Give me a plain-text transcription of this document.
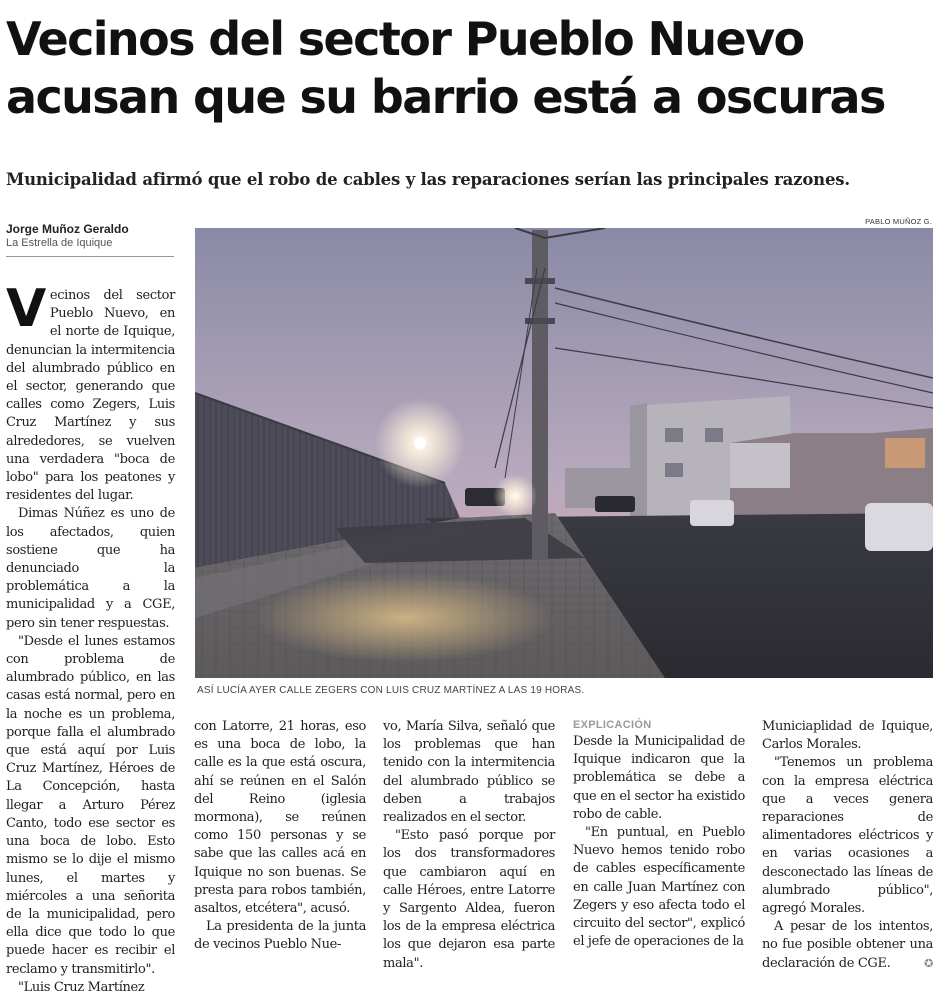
Vecinos del sector Pueblo Nuevo
acusan que su barrio está a oscuras

Municipalidad afirmó que el robo de cables y las reparaciones serían las principales razones.

Jorge Muñoz Geraldo
La Estrella de Iquique
PABLO MUÑOZ G.
ASÍ LUCÍA AYER CALLE ZEGERS CON LUIS CRUZ MARTÍNEZ A LAS 19 HORAS.

Vecinos del sector Pueblo Nuevo, en el norte de Iquique, denuncian la intermitencia del alumbrado público en el sector, generando que calles como Zegers, Luis Cruz Martínez y sus alrededores, se vuelven una verdadera "boca de lobo" para los peatones y residentes del lugar.

Dimas Núñez es uno de los afectados, quien sostiene que ha denunciado la problemática a la municipalidad y a CGE, pero sin tener respuestas.

"Desde el lunes estamos con problema de alumbrado público, en las casas está normal, pero en la noche es un problema, porque falla el alumbrado que está aquí por Luis Cruz Martínez, Héroes de La Concepción, hasta llegar a Arturo Pérez Canto, todo ese sector es una boca de lobo. Esto mismo se lo dije el mismo lunes, el martes y miércoles a una señorita de la municipalidad, pero ella dice que todo lo que puede hacer es recibir el reclamo y transmitirlo".

"Luis Cruz Martínez

con Latorre, 21 horas, eso es una boca de lobo, la calle es la que está oscura, ahí se reúnen en el Salón del Reino (iglesia mormona), se reúnen como 150 personas y se sabe que las calles acá en Iquique no son buenas. Se presta para robos también, asaltos, etcétera", acusó.

La presidenta de la junta de vecinos Pueblo Nue-

vo, María Silva, señaló que los problemas que han tenido con la intermitencia del alumbrado público se deben a trabajos realizados en el sector.

"Esto pasó porque por los dos transformadores que cambiaron aquí en calle Héroes, entre Latorre y Sargento Aldea, fueron los de la empresa eléctrica los que dejaron esa parte mala".

EXPLICACIÓN

Desde la Municipalidad de Iquique indicaron que la problemática se debe a que en el sector ha existido robo de cable.

"En puntual, en Pueblo Nuevo hemos tenido robo de cables específicamente en calle Juan Martínez con Zegers y eso afecta todo el circuito del sector", explicó el jefe de operaciones de la

Municiaplidad de Iquique, Carlos Morales.

"Tenemos un problema con la empresa eléctrica que a veces genera reparaciones de alimentadores eléctricos y en varias ocasiones a desconectado las líneas de alumbrado público", agregó Morales.

A pesar de los intentos, no fue posible obtener una declaración de CGE.	✪
